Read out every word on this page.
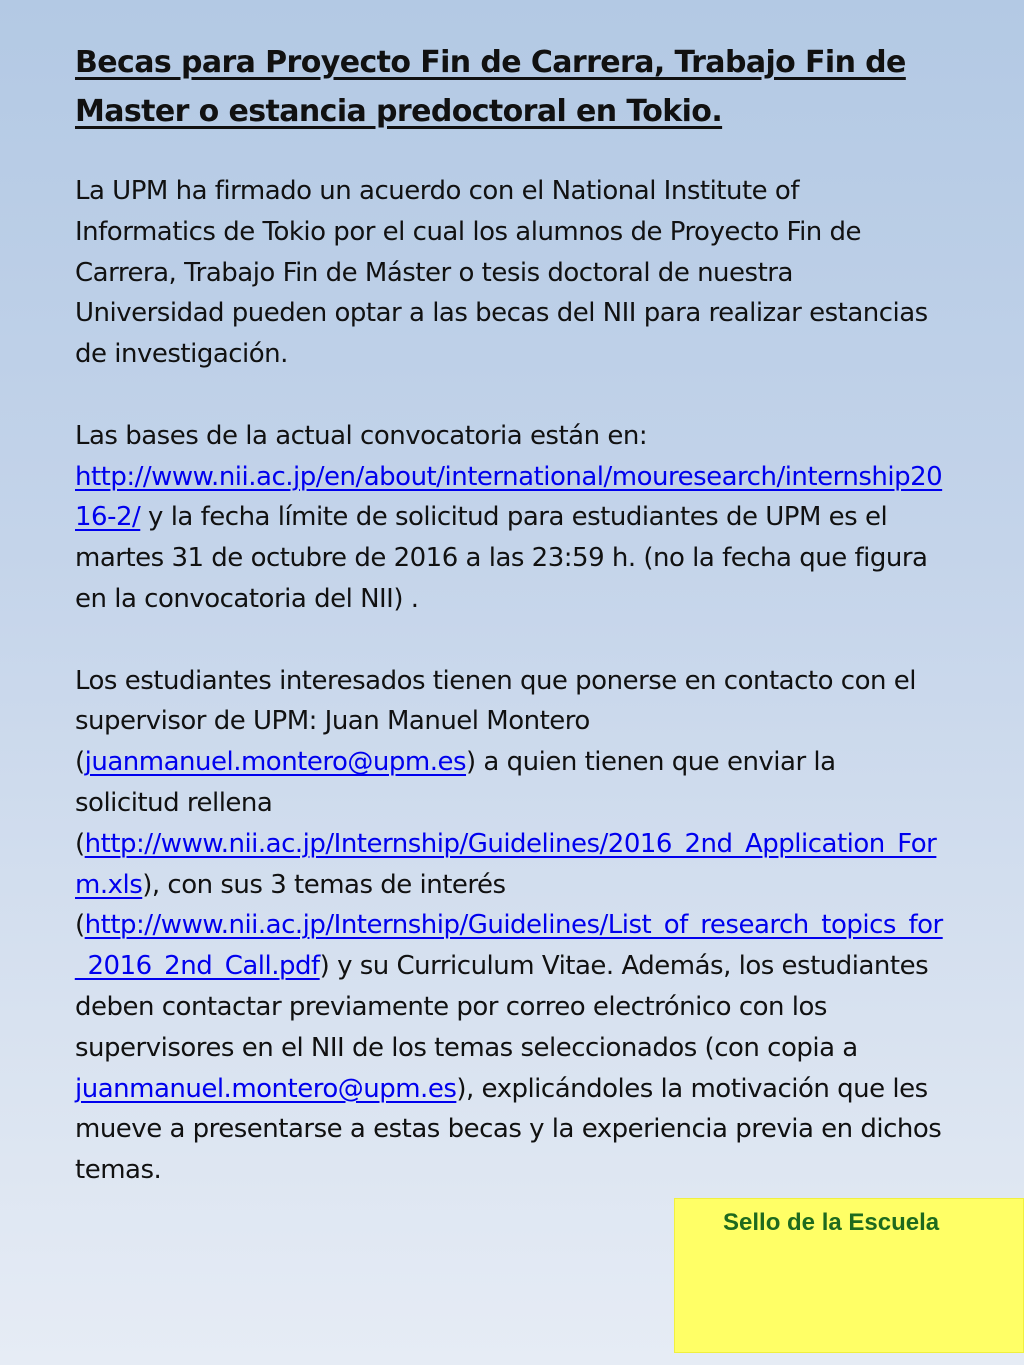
Becas para Proyecto Fin de Carrera, Trabajo Fin de Master o estancia predoctoral en Tokio.

La UPM ha firmado un acuerdo con el National Institute of Informatics de Tokio por el cual los alumnos de Proyecto Fin de Carrera, Trabajo Fin de Máster o tesis doctoral de nuestra Universidad pueden optar a las becas del NII para realizar estancias de investigación.

Las bases de la actual convocatoria están en: http://www.nii.ac.jp/en/about/international/mouresearch/internship2016-2/ y la fecha límite de solicitud para estudiantes de UPM es el martes 31 de octubre de 2016 a las 23:59 h. (no la fecha que figura en la convocatoria del NII) .

Los estudiantes interesados tienen que ponerse en contacto con el supervisor de UPM: Juan Manuel Montero (juanmanuel.montero@upm.es) a quien tienen que enviar la solicitud rellena (http://www.nii.ac.jp/Internship/Guidelines/2016_2nd_Application_Form.xls), con sus 3 temas de interés (http://www.nii.ac.jp/Internship/Guidelines/List_of_research_topics_for_2016_2nd_Call.pdf) y su Curriculum Vitae. Además, los estudiantes deben contactar previamente por correo electrónico con los supervisores en el NII de los temas seleccionados (con copia a juanmanuel.montero@upm.es), explicándoles la motivación que les mueve a presentarse a estas becas y la experiencia previa en dichos temas.

Sello de la Escuela
